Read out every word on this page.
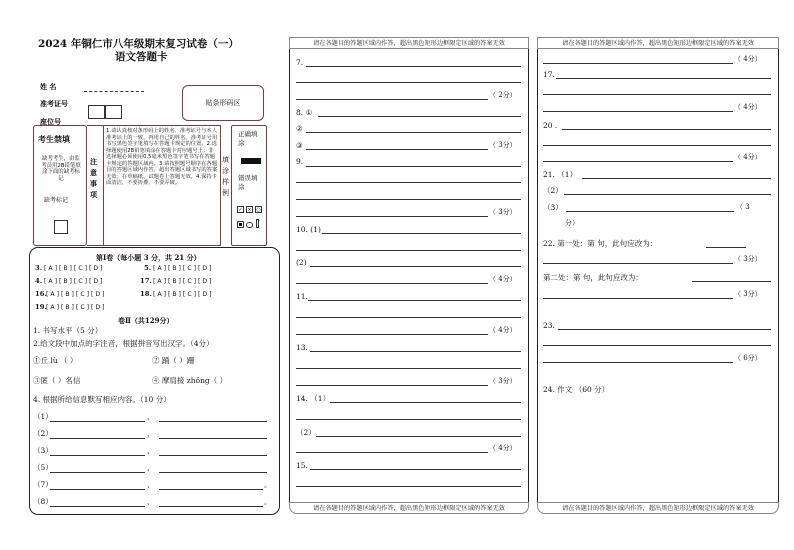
2024 年铜仁市八年级期末复习试卷（一）
语文答题卡
姓 名
准考证号
座位号
贴条形码区
考生禁填
缺考考生，由监考员用2B铅笔填涂下面的缺考标记
缺考标记
注意事项
1.请认真核对条形码上的姓名、准考证号与本人准考证上的一致，再用自己的姓名、准考证号用书写黑色签字笔填写在答题卡规定的位置。2.选择题使用2B铅笔填涂在答题卡对应题号上；非选择题必须使用0.5毫米黑色签字笔书写在答题卡规定的答题区域内。3.请按照题号顺序在各题目的答题区域内作答，超出答题区域书写的答案无效；在草稿纸、试题卷上答题无效。4.保持卡面清洁，不要折叠、不要弄破。
填涂样例
正确填涂
错误填涂
✓ × ○
第Ⅰ卷（每小题 3 分，共 21 分）
3. [ A ] [ B ] [ C ] [ D ]	5. [ A ] [ B ] [ C ] [ D ]
4. [ A ] [ B ] [ C ] [ D ]	17. [ A ] [ B ] [ C ] [ D ]
16. [ A ] [ B ] [ C ] [ D ]	18. [ A ] [ B ] [ C ] [ D ]
19. [ A ] [ B ] [ C ] [ D ]
卷Ⅱ（共129分）
1. 书写水平（5 分）
2.给文段中加点的字注音，根据拼音写出汉字。（4分）
①丘 lù （ ）	② 踊（ ）跚
③匿（ ）名信	④ 摩肩接 zhǒng（ ）
4. 根据所给信息默写相应内容。（10 分）
（1）	，
（2）	，
（3）	，
（5）	，
（7）	，	。
（8）	，	。
请在各题目的答题区域内作答，超出黑色矩形边框限定区域的答案无效
请在各题目的答题区域内作答，超出黑色矩形边框限定区域的答案无效
7.
（ 2分）
8. ①
②
③	（ 3分）
9.
（ 3分）
10. (1)
(2)
（ 4分）
11.
（ 4分）
13.
（ 3分）
14. （1）
（2）
（ 4分）
15.
请在各题目的答题区域内作答，超出黑色矩形边框限定区域的答案无效
请在各题目的答题区域内作答，超出黑色矩形边框限定区域的答案无效
（ 4分）
17.
（ 4分）
20 .
（ 4分）
21. （1）
（2）
（3）	（ 3
分）
22. 第一处：第 句，此句应改为：
（ 3分）
第二处：第 句，此句应改为：
（ 3分）
23.
（ 6分）
24. 作文 （60 分）
